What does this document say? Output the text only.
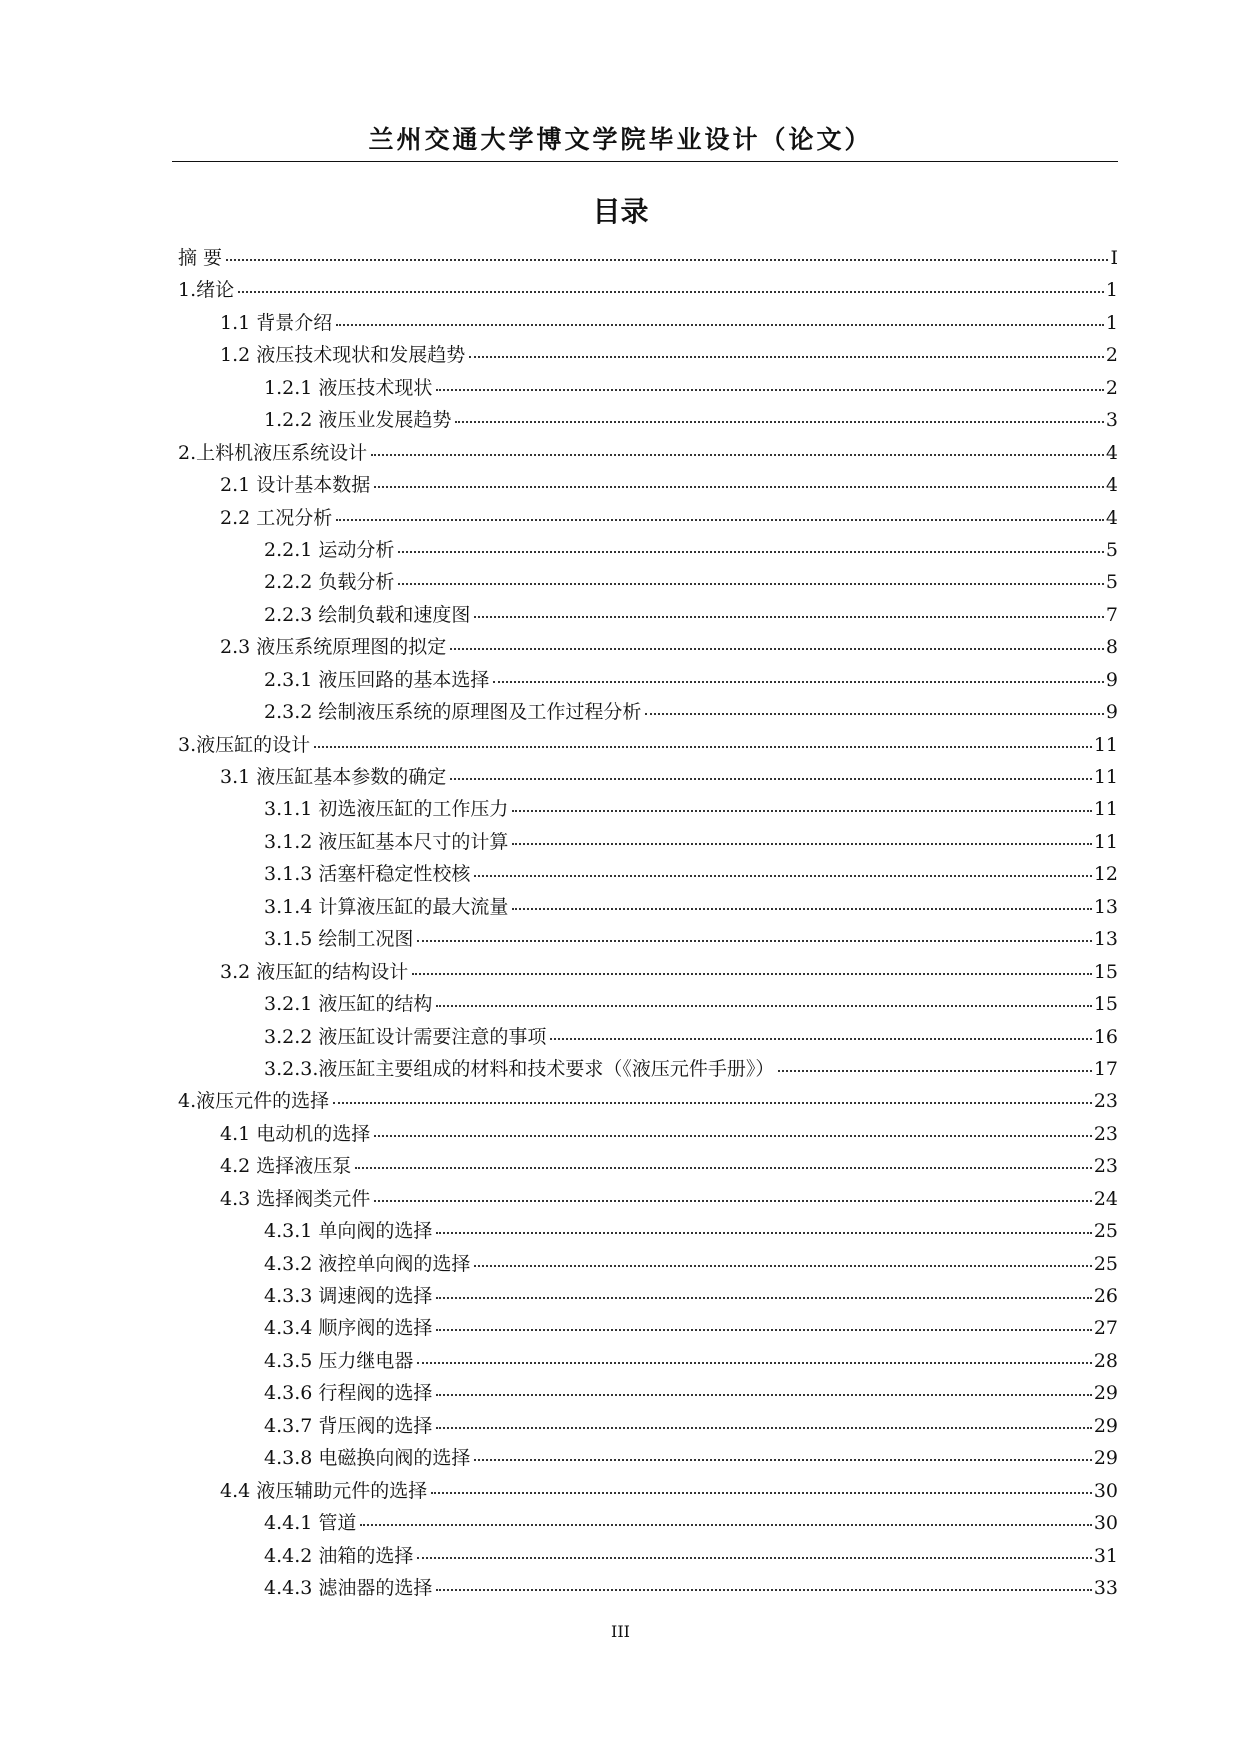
兰州交通大学博文学院毕业设计（论文）
目录
摘 要	I
1.绪论	1
1.1 背景介绍	1
1.2 液压技术现状和发展趋势	2
1.2.1 液压技术现状	2
1.2.2 液压业发展趋势	3
2.上料机液压系统设计	4
2.1 设计基本数据	4
2.2 工况分析	4
2.2.1 运动分析	5
2.2.2 负载分析	5
2.2.3 绘制负载和速度图	7
2.3 液压系统原理图的拟定	8
2.3.1 液压回路的基本选择	9
2.3.2 绘制液压系统的原理图及工作过程分析	9
3.液压缸的设计	11
3.1 液压缸基本参数的确定	11
3.1.1 初选液压缸的工作压力	11
3.1.2 液压缸基本尺寸的计算	11
3.1.3 活塞杆稳定性校核	12
3.1.4 计算液压缸的最大流量	13
3.1.5 绘制工况图	13
3.2 液压缸的结构设计	15
3.2.1 液压缸的结构	15
3.2.2 液压缸设计需要注意的事项	16
3.2.3.液压缸主要组成的材料和技术要求（《液压元件手册》）	17
4.液压元件的选择	23
4.1 电动机的选择	23
4.2 选择液压泵	23
4.3 选择阀类元件	24
4.3.1 单向阀的选择	25
4.3.2 液控单向阀的选择	25
4.3.3 调速阀的选择	26
4.3.4 顺序阀的选择	27
4.3.5 压力继电器	28
4.3.6 行程阀的选择	29
4.3.7 背压阀的选择	29
4.3.8 电磁换向阀的选择	29
4.4 液压辅助元件的选择	30
4.4.1 管道	30
4.4.2 油箱的选择	31
4.4.3 滤油器的选择	33
III
